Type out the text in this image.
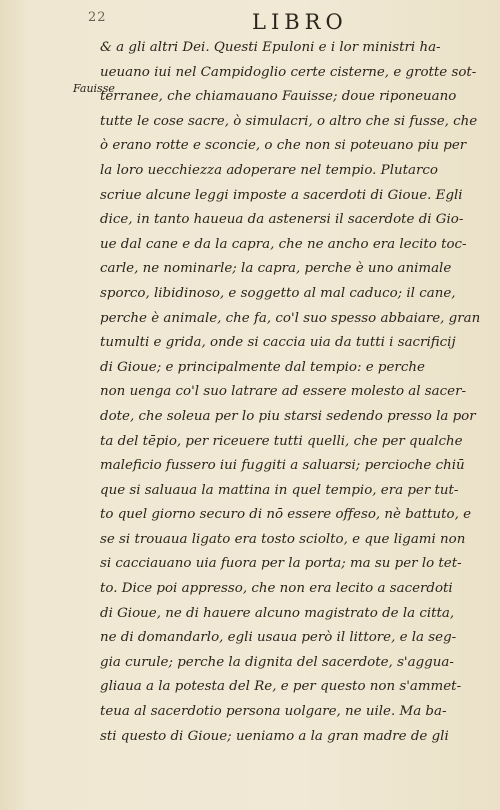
22	LIBRO
Fauisse
& a gli altri Dei. Questi Epuloni e i lor ministri ha-
ueuano iui nel Campidoglio certe cisterne, e grotte sot-
terranee, che chiamauano Fauisse; doue riponeuano
tutte le cose sacre, ò simulacri, o altro che si fusse, che
ò erano rotte e sconcie, o che non si poteuano piu per
la loro uecchiezza adoperare nel tempio. Plutarco
scriue alcune leggi imposte a sacerdoti di Gioue. Egli
dice, in tanto haueua da astenersi il sacerdote di Gio-
ue dal cane e da la capra, che ne ancho era lecito toc-
carle, ne nominarle; la capra, perche è uno animale
sporco, libidinoso, e soggetto al mal caduco; il cane,
perche è animale, che fa, co'l suo spesso abbaiare, gran
tumulti e grida, onde si caccia uia da tutti i sacrificij
di Gioue; e principalmente dal tempio: e perche
non uenga co'l suo latrare ad essere molesto al sacer-
dote, che soleua per lo piu starsi sedendo presso la por
ta del tēpio, per riceuere tutti quelli, che per qualche
maleficio fussero iui fuggiti a saluarsi; percioche chiū
que si saluaua la mattina in quel tempio, era per tut-
to quel giorno securo di nō essere offeso, nè battuto, e
se si trouaua ligato era tosto sciolto, e que ligami non
si cacciauano uia fuora per la porta; ma su per lo tet-
to. Dice poi appresso, che non era lecito a sacerdoti
di Gioue, ne di hauere alcuno magistrato de la citta,
ne di domandarlo, egli usaua però il littore, e la seg-
gia curule; perche la dignita del sacerdote, s'aggua-
gliaua a la potesta del Re, e per questo non s'ammet-
teua al sacerdotio persona uolgare, ne uile. Ma ba-
sti questo di Gioue; ueniamo a la gran madre de gli
